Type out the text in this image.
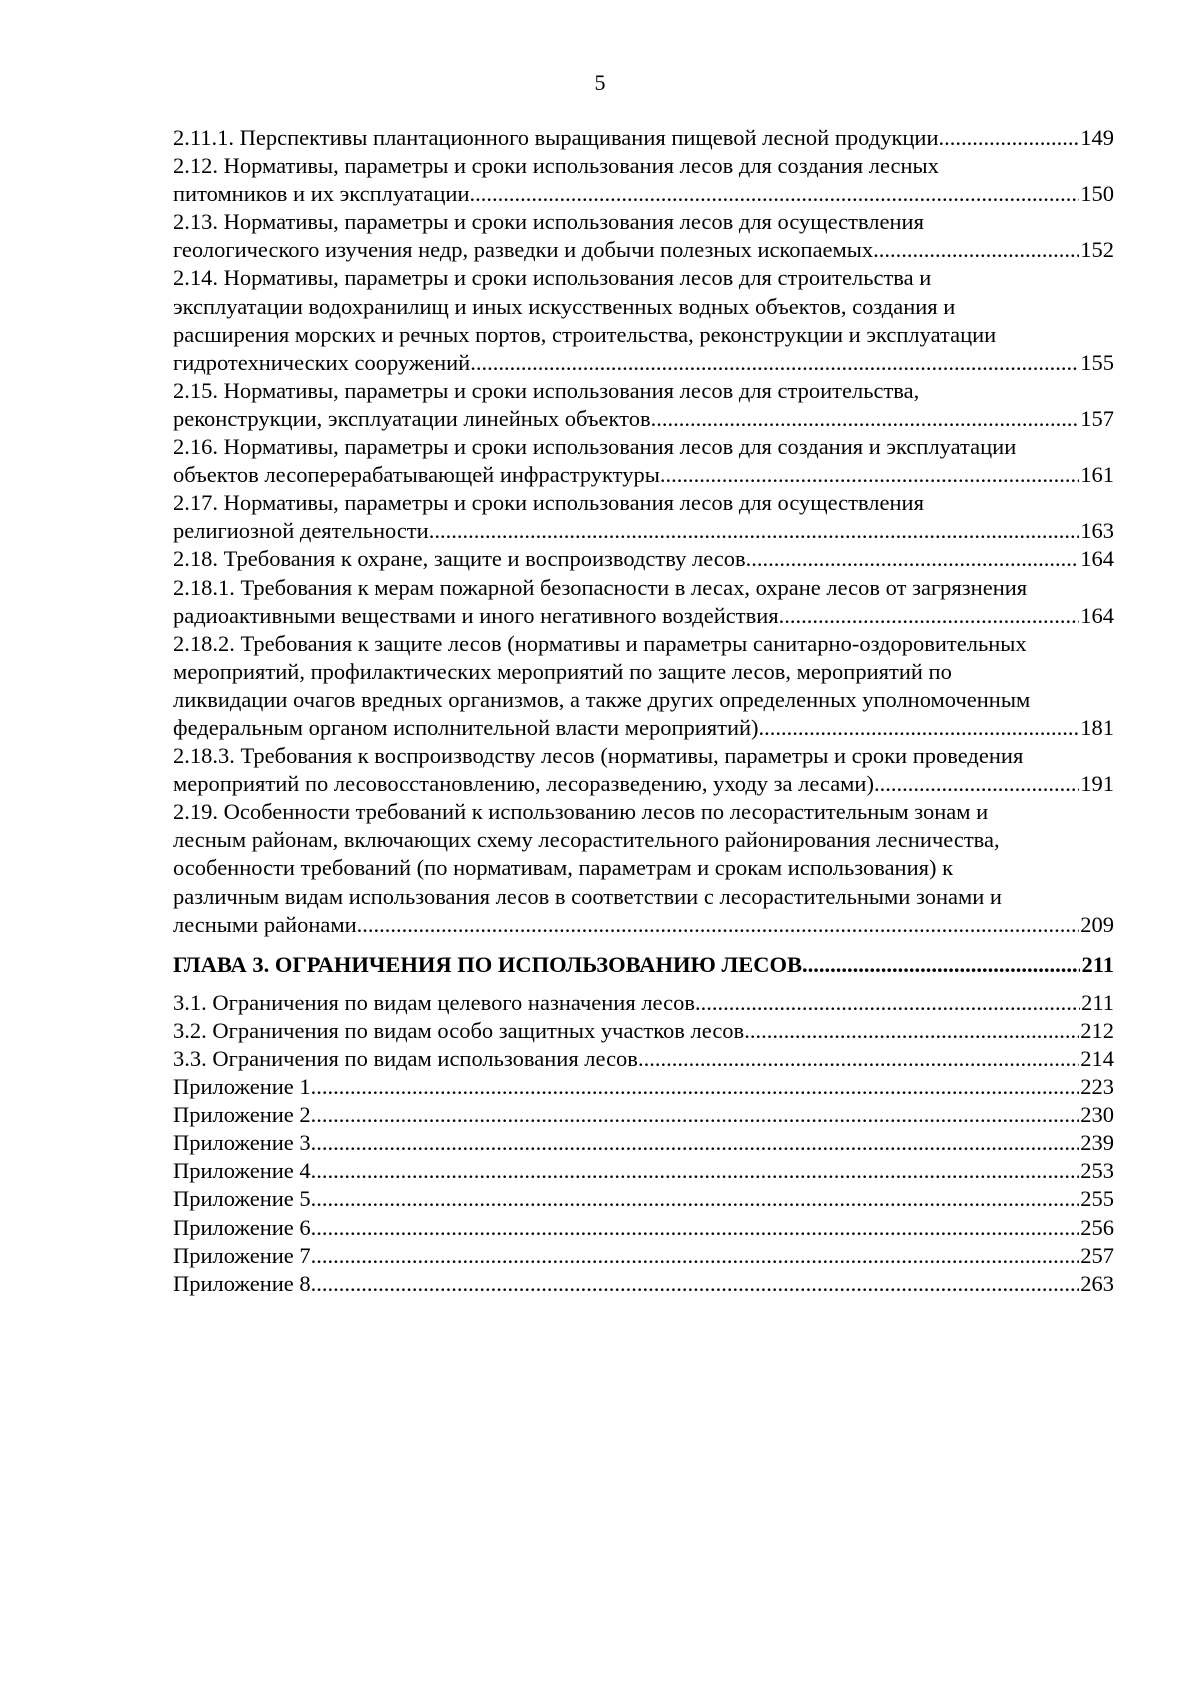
5
2.11.1. Перспективы плантационного выращивания пищевой лесной продукции .....	149
2.12. Нормативы, параметры и сроки использования лесов для создания лесных
питомников и их эксплуатации .....	150
2.13. Нормативы, параметры и сроки использования лесов для осуществления
геологического изучения недр, разведки и добычи полезных ископаемых .....	152
2.14. Нормативы, параметры и сроки использования лесов для строительства и
эксплуатации водохранилищ и иных искусственных водных объектов, создания и
расширения морских и речных портов, строительства, реконструкции и эксплуатации
гидротехнических сооружений .....	155
2.15. Нормативы, параметры и сроки использования лесов для строительства,
реконструкции, эксплуатации линейных объектов .....	157
2.16. Нормативы, параметры и сроки использования лесов для создания и эксплуатации
объектов лесоперерабатывающей инфраструктуры .....	161
2.17. Нормативы, параметры и сроки использования лесов для осуществления
религиозной деятельности .....	163
2.18. Требования к охране, защите и воспроизводству лесов .....	164
2.18.1. Требования к мерам пожарной безопасности в лесах, охране лесов от загрязнения
радиоактивными веществами и иного негативного воздействия .....	164
2.18.2. Требования к защите лесов (нормативы и параметры санитарно-оздоровительных
мероприятий, профилактических мероприятий по защите лесов, мероприятий по
ликвидации очагов вредных организмов, а также других определенных уполномоченным
федеральным органом исполнительной власти мероприятий) .....	181
2.18.3. Требования к воспроизводству лесов (нормативы, параметры и сроки проведения
мероприятий по лесовосстановлению, лесоразведению, уходу за лесами) .....	191
2.19. Особенности требований к использованию лесов по лесорастительным зонам и
лесным районам, включающих схему лесорастительного районирования лесничества,
особенности требований (по нормативам, параметрам и срокам использования) к
различным видам использования лесов в соответствии с лесорастительными зонами и
лесными районами .....	209
ГЛАВА 3. ОГРАНИЧЕНИЯ ПО ИСПОЛЬЗОВАНИЮ ЛЕСОВ .....	211
3.1. Ограничения по видам целевого назначения лесов .....	211
3.2. Ограничения по видам особо защитных участков лесов .....	212
3.3. Ограничения по видам использования лесов .....	214
Приложение 1 .....	223
Приложение 2 .....	230
Приложение 3 .....	239
Приложение 4 .....	253
Приложение 5 .....	255
Приложение 6 .....	256
Приложение 7 .....	257
Приложение 8 .....	263
